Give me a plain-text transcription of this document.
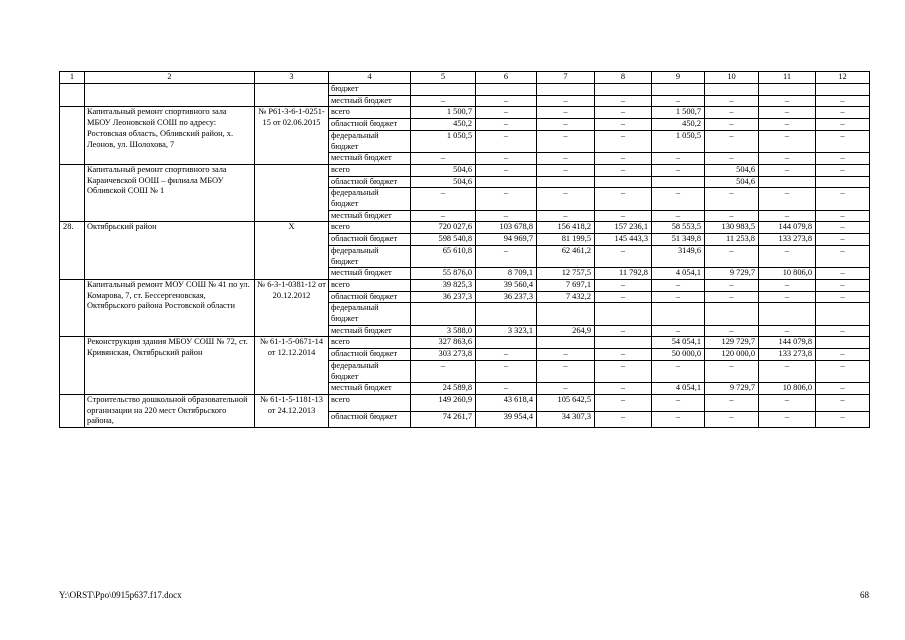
1	2	3	4	5	6	7	8	9	10	11	12
			бюджет								
			местный бюджет	–	–	–	–	–	–	–	–
	Капитальный ремонт спортивного зала МБОУ Леоновской СОШ по адресу: Ростовская область, Обливский район, х. Леонов, ул. Шолохова, 7	№ Р61-3-6-1-0251-15 от 02.06.2015	всего	1 500,7	–	–	–	1 500,7	–	–	–
			областной бюджет	450,2	–	–	–	450,2	–	–	–
			федеральный бюджет	1 050,5	–	–	–	1 050,5	–	–	–
			местный бюджет	–	–	–	–	–	–	–	–
	Капитальный ремонт спортивного зала Караичевской ООШ – филиала МБОУ Обливской СОШ № 1		всего	504,6	–	–	–	–	504,6	–	–
			областной бюджет	504,6					504,6		
			федеральный бюджет	–	–	–	–	–	–	–	–
			местный бюджет	–	–	–	–	–	–	–	–
28.	Октябрьский район	Х	всего	720 027,6	103 678,8	156 418,2	157 236,1	58 553,5	130 983,5	144 079,8	–
			областной бюджет	598 540,8	94 969,7	81 199,5	145 443,3	51 349,8	11 253,8	133 273,8	–
			федеральный бюджет	65 610,8	–	62 461,2	–	3149,6	–	–	–
			местный бюджет	55 876,0	8 709,1	12 757,5	11 792,8	4 054,1	9 729,7	10 806,0	–
	Капитальный ремонт МОУ СОШ № 41 по ул. Комарова, 7, ст. Бессергеновская, Октябрьского района Ростовской области	№ 6-3-1-0381-12 от 20.12.2012	всего	39 825,3	39 560,4	7 697,1	–	–	–	–	–
			областной бюджет	36 237,3	36 237,3	7 432,2	–	–	–	–	–
			федеральный бюджет								
			местный бюджет	3 588,0	3 323,1	264,9	–	–	–	–	–
	Реконструкция здания МБОУ СОШ № 72, ст. Кривянская, Октябрьский район	№ 61-1-5-0671-14 от 12.12.2014	всего	327 863,6				54 054,1	129 729,7	144 079,8	
			областной бюджет	303 273,8	–	–	–	50 000,0	120 000,0	133 273,8	–
			федеральный бюджет	–	–	–	–	–	–	–	–
			местный бюджет	24 589,8	–	–	–	4 054,1	9 729,7	10 806,0	–
	Строительство дошкольной образовательной организации на 220 мест Октябрьского района,	№ 61-1-5-1181-13 от 24.12.2013	всего	149 260,9	43 618,4	105 642,5	–	–	–	–	–
			областной бюджет	74 261,7	39 954,4	34 307,3	–	–	–	–	–
Y:\ORST\Ppo\0915p637.f17.docx	68
